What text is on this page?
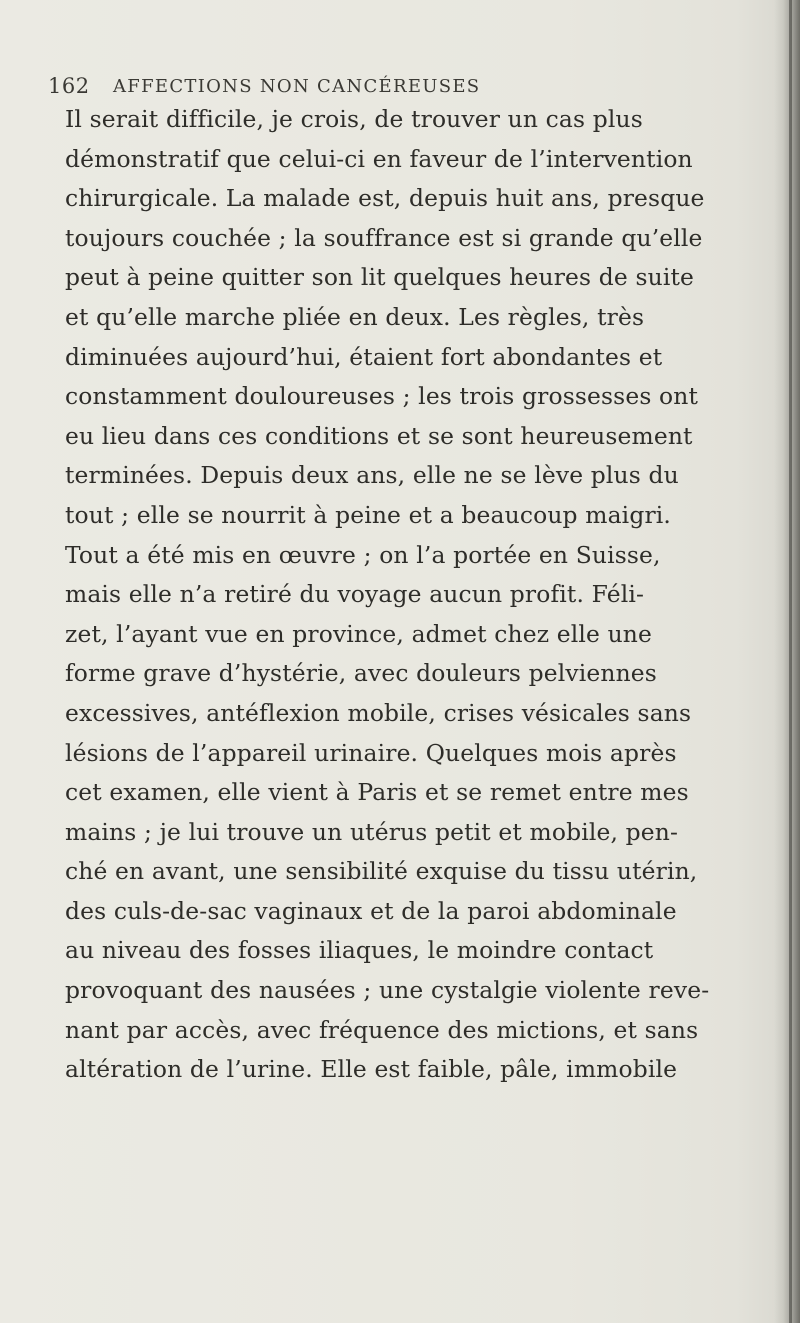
162 AFFECTIONS NON CANCÉREUSES
Il serait difficile, je crois, de trouver un cas plus
démonstratif que celui-ci en faveur de l’intervention
chirurgicale. La malade est, depuis huit ans, presque
toujours couchée ; la souffrance est si grande qu’elle
peut à peine quitter son lit quelques heures de suite
et qu’elle marche pliée en deux. Les règles, très
diminuées aujourd’hui, étaient fort abondantes et
constamment douloureuses ; les trois grossesses ont
eu lieu dans ces conditions et se sont heureusement
terminées. Depuis deux ans, elle ne se lève plus du
tout ; elle se nourrit à peine et a beaucoup maigri.
Tout a été mis en œuvre ; on l’a portée en Suisse,
mais elle n’a retiré du voyage aucun profit. Féli-
zet, l’ayant vue en province, admet chez elle une
forme grave d’hystérie, avec douleurs pelviennes
excessives, antéflexion mobile, crises vésicales sans
lésions de l’appareil urinaire. Quelques mois après
cet examen, elle vient à Paris et se remet entre mes
mains ; je lui trouve un utérus petit et mobile, pen-
ché en avant, une sensibilité exquise du tissu utérin,
des culs-de-sac vaginaux et de la paroi abdominale
au niveau des fosses iliaques, le moindre contact
provoquant des nausées ; une cystalgie violente reve-
nant par accès, avec fréquence des mictions, et sans
altération de l’urine. Elle est faible, pâle, immobile
